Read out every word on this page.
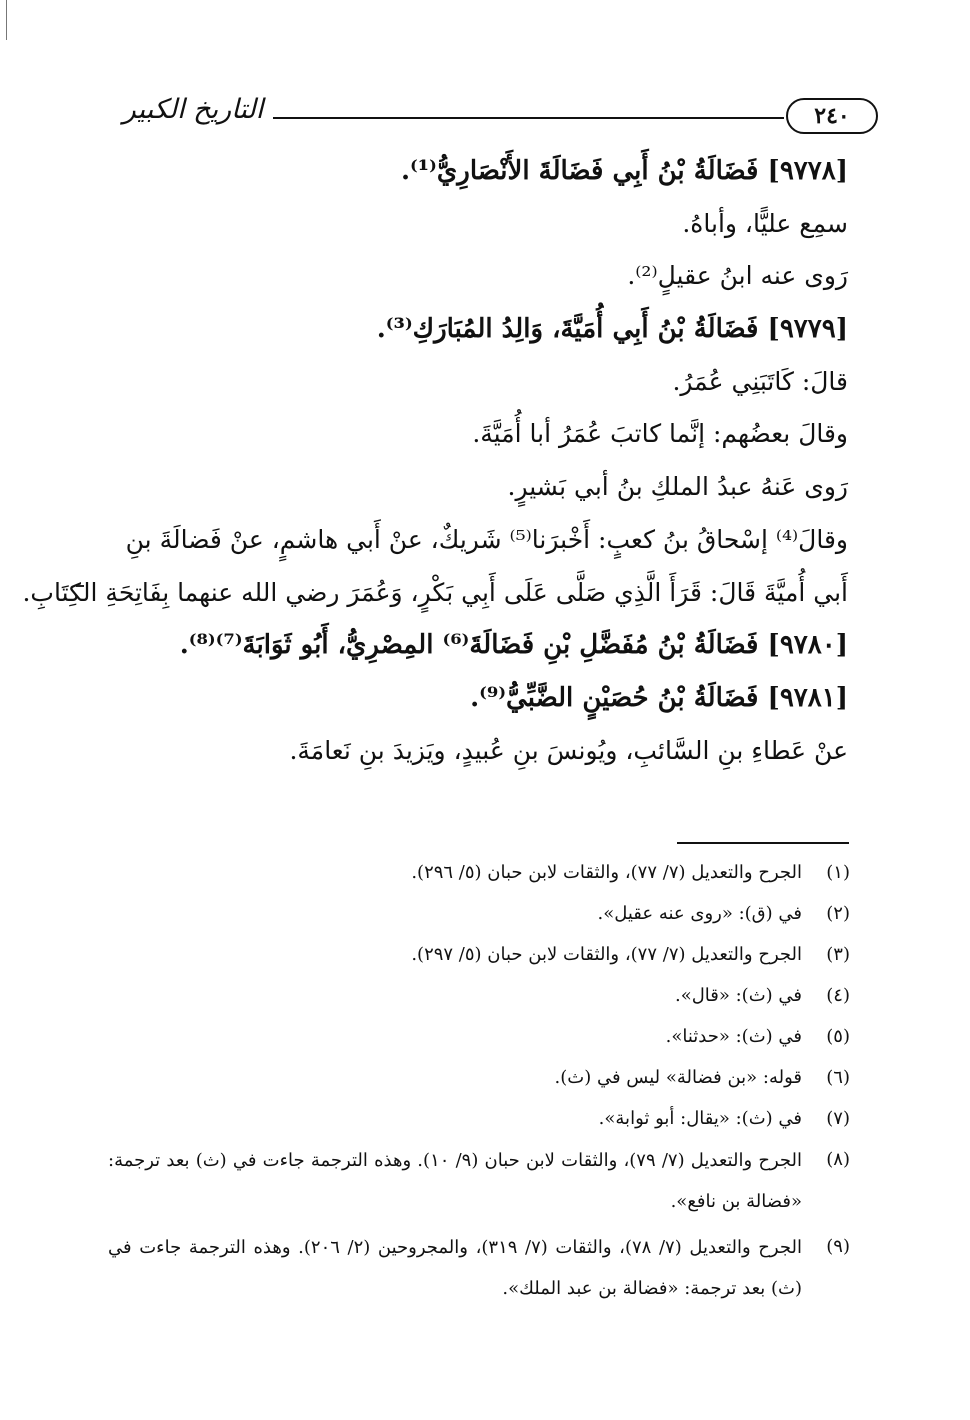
التاريخ الكبير	٢٤٠
[٩٧٧٨] فَضَالَةُ بْنُ أَبِي فَضَالَةَ الأَنْصَارِيُّ⁽¹⁾.
سمِع عليًّا، وأباهُ.
رَوى عنه ابنُ عقيلٍ⁽²⁾.
[٩٧٧٩] فَضَالَةُ بْنُ أَبِي أُمَيَّةَ، وَالِدُ المُبَارَكِ⁽³⁾.
قالَ: كَاتَبَنِي عُمَرُ.
وقالَ بعضُهم: إنَّما كاتبَ عُمَرُ أبا أُمَيَّةَ.
رَوى عَنهُ عبدُ الملكِ بنُ أبي بَشيرٍ.
وقالَ⁽⁴⁾ إسْحاقُ بنُ كعبٍ: أَخْبرَنا⁽⁵⁾ شَريكٌ، عنْ أَبي هاشمٍ، عنْ فَضالَةَ بنِ
أَبي أُميَّةَ قَالَ: قَرَأَ الَّذِي صَلَّى عَلَى أَبِي بَكْرٍ، وَعُمَرَ رضي الله عنهما بِفَاتِحَةِ الكِتَابِ.
[٩٧٨٠] فَضَالَةُ بْنُ مُفَضَّلِ بْنِ فَضَالَةَ⁽⁶⁾ المِصْرِيُّ، أَبُو ثَوَابَةَ⁽⁷⁾⁽⁸⁾.
[٩٧٨١] فَضَالَةُ بْنُ حُصَيْنٍ الضَّبِّيُّ⁽⁹⁾.
عنْ عَطاءِ بنِ السَّائبِ، ويُونسَ بنِ عُبيدٍ، ويَزيدَ بنِ نَعامَةَ.
(١)
الجرح والتعديل (٧/ ٧٧)، والثقات لابن حبان (٥/ ٢٩٦).
(٢)
في (ق): «روى عنه عقيل».
(٣)
الجرح والتعديل (٧/ ٧٧)، والثقات لابن حبان (٥/ ٢٩٧).
(٤)
في (ث): «قال».
(٥)
في (ث): «حدثنا».
(٦)
قوله: «بن فضالة» ليس في (ث).
(٧)
في (ث): «يقال: أبو ثوابة».
(٨)
الجرح والتعديل (٧/ ٧٩)، والثقات لابن حبان (٩/ ١٠). وهذه الترجمة جاءت في (ث) بعد ترجمة: «فضالة بن نافع».
(٩)
الجرح والتعديل (٧/ ٧٨)، والثقات (٧/ ٣١٩)، والمجروحين (٢/ ٢٠٦). وهذه الترجمة جاءت في (ث) بعد ترجمة: «فضالة بن عبد الملك».
